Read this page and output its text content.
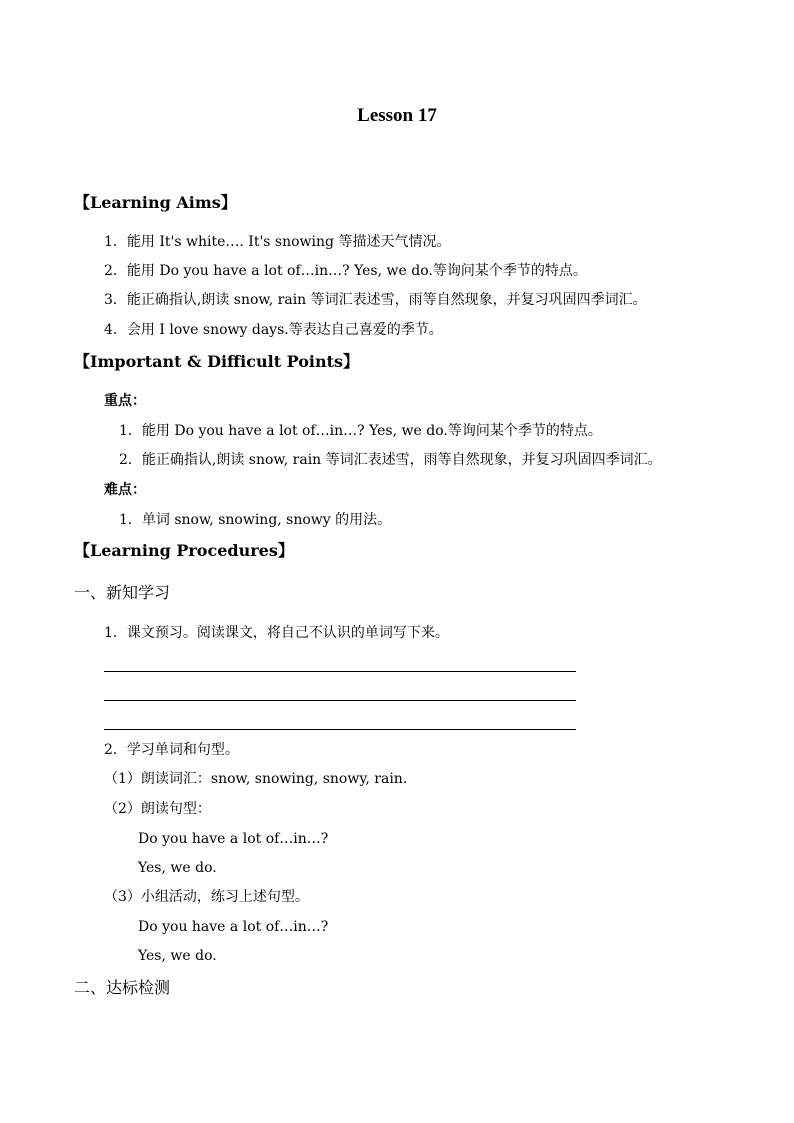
Lesson 17
【Learning Aims】
1．能用 It's white…. It's snowing 等描述天气情况。
2．能用 Do you have a lot of…in…? Yes, we do.等询问某个季节的特点。
3．能正确指认,朗读 snow, rain 等词汇表述雪，雨等自然现象，并复习巩固四季词汇。
4．会用 I love snowy days.等表达自己喜爱的季节。
【Important & Difficult Points】
重点：
1．能用 Do you have a lot of…in…? Yes, we do.等询问某个季节的特点。
2．能正确指认,朗读 snow, rain 等词汇表述雪，雨等自然现象，并复习巩固四季词汇。
难点：
1．单词 snow, snowing, snowy 的用法。
【Learning Procedures】
一、新知学习
1．课文预习。阅读课文，将自己不认识的单词写下来。
2．学习单词和句型。
（1）朗读词汇：snow, snowing, snowy, rain.
（2）朗读句型：
Do you have a lot of…in…?
Yes, we do.
（3）小组活动，练习上述句型。
Do you have a lot of…in…?
Yes, we do.
二、达标检测
